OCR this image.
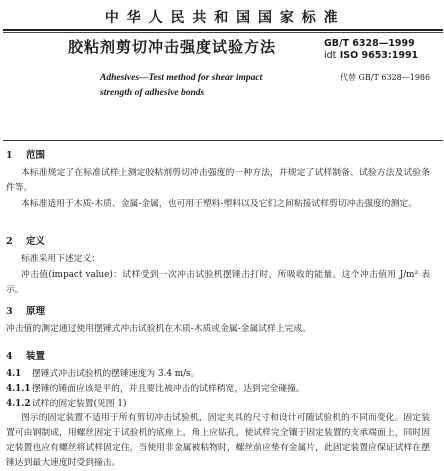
中 华 人 民 共 和 国 国 家 标 准
胶粘剂剪切冲击强度试验方法	GB/T 6328—1999
idt ISO 9653:1991
Adhesives—Test method for shear impact
strength of adhesive bonds
代替 GB/T 6328—1986
1 范围
本标准规定了在标准试样上测定胶粘剂剪切冲击强度的一种方法，并规定了试样制备、试验方法及试验条件等。
本标准适用于木质-木质、金属-金属，也可用于塑料-塑料以及它们之间粘接试样剪切冲击强度的测定。
2 定义
标准采用下述定义：
冲击值(impact value)：试样受到一次冲击试验机摆锤击打时，所吸收的能量。这个冲击值用 J/m² 表示。
3 原理
冲击值的测定通过使用摆锤式冲击试验机在木质-木质或金属-金属试样上完成。
4 装置
4.1 摆锤式冲击试验机的摆锤速度为 3.4 m/s。
4.1.1 摆锤的锤面应该是平的，并且要比被冲击的试样稍宽，达到完全碰撞。
4.1.2 试样的固定装置(见图 1)
图示的固定装置不适用于所有剪切冲击试验机，固定夹具的尺寸和设计可随试验机的不同而变化。固定装置可由钢制成，用螺丝固定于试验机的底座上，角上应钻孔，使试样完全镶于固定装置的支承端面上，同时固定装置也应有螺丝将试样固定住，当使用非金属被粘物时，螺丝前应垫有金属片，此固定装置应保证试样在摆锤达到最大速度时受到撞击。
